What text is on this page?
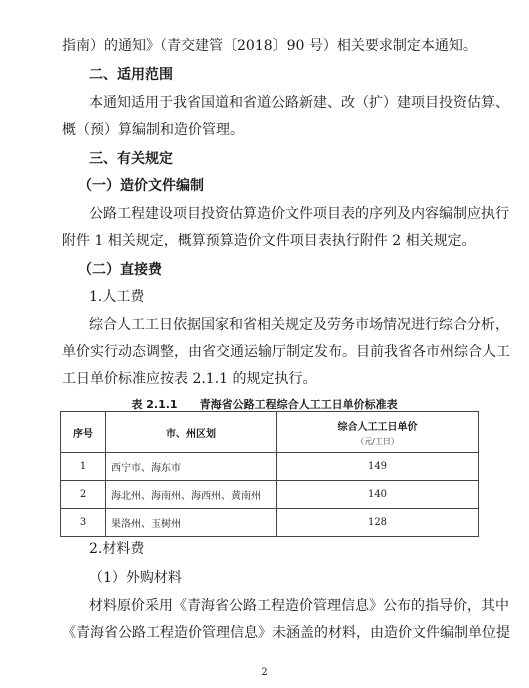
指南）的通知》（青交建管〔2018〕90 号）相关要求制定本通知。
二、适用范围
本通知适用于我省国道和省道公路新建、改（扩）建项目投资估算、
概（预）算编制和造价管理。
三、有关规定
（一）造价文件编制
公路工程建设项目投资估算造价文件项目表的序列及内容编制应执行
附件 1 相关规定，概算预算造价文件项目表执行附件 2 相关规定。
（二）直接费
1.人工费
综合人工工日依据国家和省相关规定及劳务市场情况进行综合分析，
单价实行动态调整，由省交通运输厅制定发布。目前我省各市州综合人工
工日单价标准应按表 2.1.1 的规定执行。
表 2.1.1　　青海省公路工程综合人工工日单价标准表
序号	市、州区划	综合人工工日单价
（元/工日）

1	西宁市、海东市	149
2	海北州、海南州、海西州、黄南州	140
3	果洛州、玉树州	128
2.材料费
（1）外购材料
材料原价采用《青海省公路工程造价管理信息》公布的指导价，其中
《青海省公路工程造价管理信息》未涵盖的材料，由造价文件编制单位提
2
